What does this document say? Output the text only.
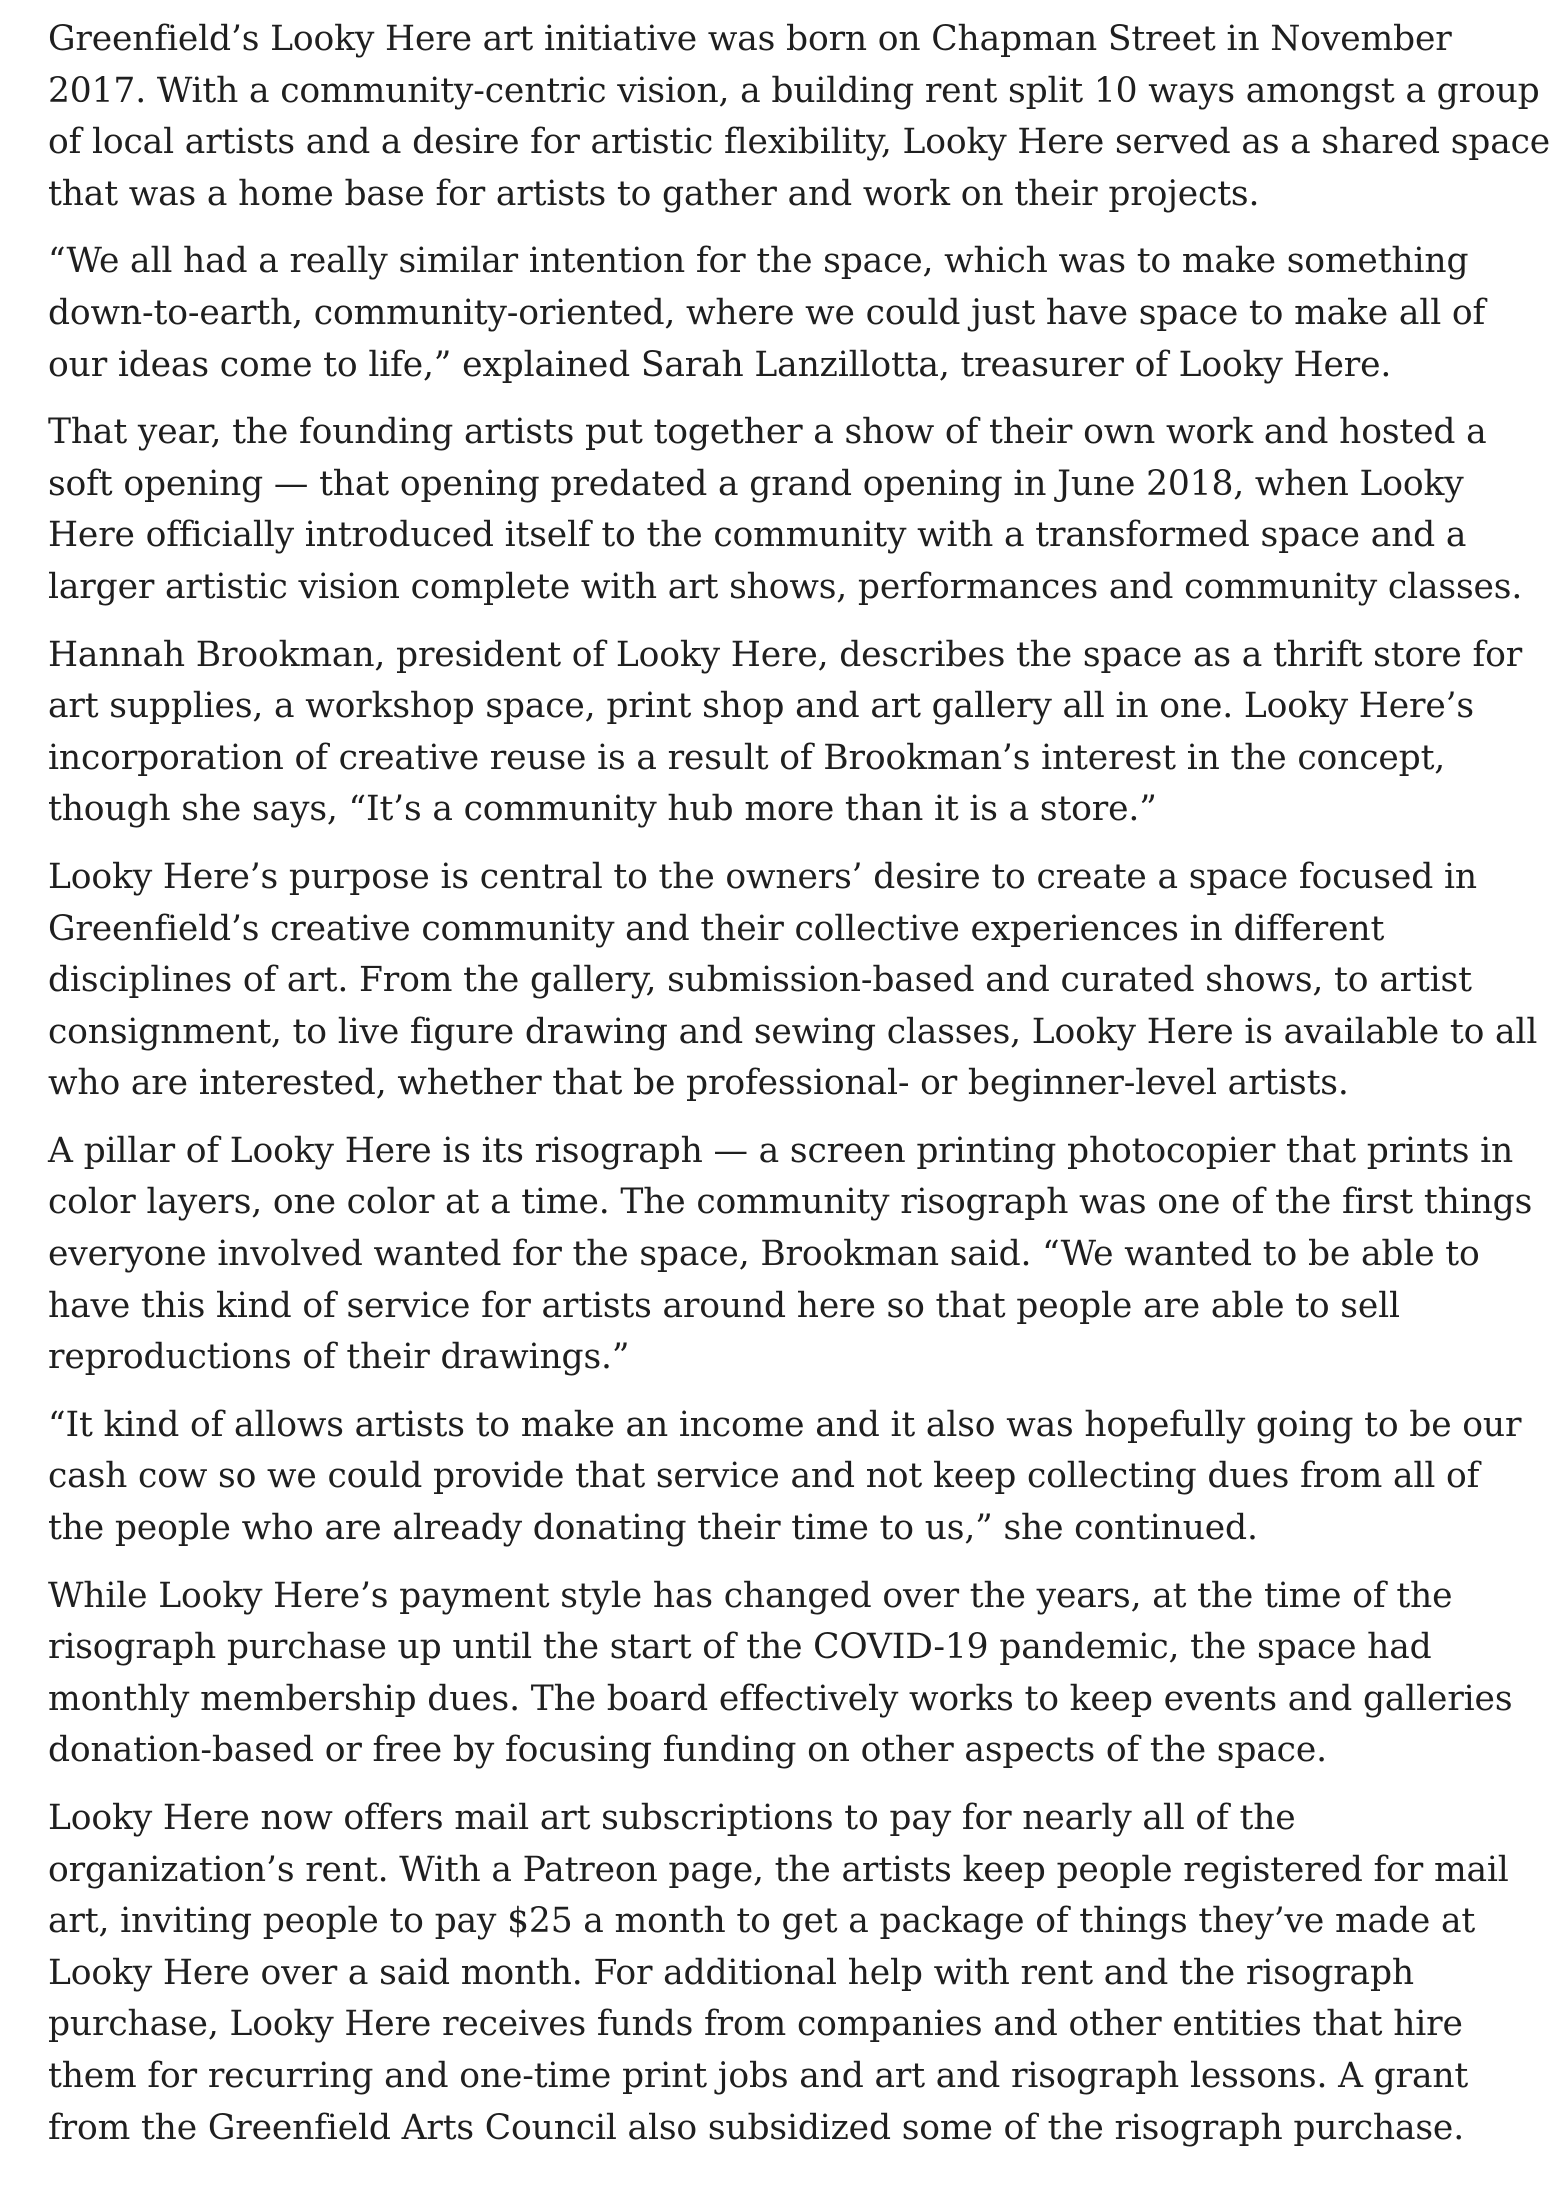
Greenfield’s Looky Here art initiative was born on Chapman Street in November
2017. With a community-centric vision, a building rent split 10 ways amongst a group
of local artists and a desire for artistic flexibility, Looky Here served as a shared space
that was a home base for artists to gather and work on their projects.

“We all had a really similar intention for the space, which was to make something
down-to-earth, community-oriented, where we could just have space to make all of
our ideas come to life,” explained Sarah Lanzillotta, treasurer of Looky Here.

That year, the founding artists put together a show of their own work and hosted a
soft opening — that opening predated a grand opening in June 2018, when Looky
Here officially introduced itself to the community with a transformed space and a
larger artistic vision complete with art shows, performances and community classes.

Hannah Brookman, president of Looky Here, describes the space as a thrift store for
art supplies, a workshop space, print shop and art gallery all in one. Looky Here’s
incorporation of creative reuse is a result of Brookman’s interest in the concept,
though she says, “It’s a community hub more than it is a store.”

Looky Here’s purpose is central to the owners’ desire to create a space focused in
Greenfield’s creative community and their collective experiences in different
disciplines of art. From the gallery, submission-based and curated shows, to artist
consignment, to live figure drawing and sewing classes, Looky Here is available to all
who are interested, whether that be professional- or beginner-level artists.

A pillar of Looky Here is its risograph — a screen printing photocopier that prints in
color layers, one color at a time. The community risograph was one of the first things
everyone involved wanted for the space, Brookman said. “We wanted to be able to
have this kind of service for artists around here so that people are able to sell
reproductions of their drawings.”

“It kind of allows artists to make an income and it also was hopefully going to be our
cash cow so we could provide that service and not keep collecting dues from all of
the people who are already donating their time to us,” she continued.

While Looky Here’s payment style has changed over the years, at the time of the
risograph purchase up until the start of the COVID-19 pandemic, the space had
monthly membership dues. The board effectively works to keep events and galleries
donation-based or free by focusing funding on other aspects of the space.

Looky Here now offers mail art subscriptions to pay for nearly all of the
organization’s rent. With a Patreon page, the artists keep people registered for mail
art, inviting people to pay $25 a month to get a package of things they’ve made at
Looky Here over a said month. For additional help with rent and the risograph
purchase, Looky Here receives funds from companies and other entities that hire
them for recurring and one-time print jobs and art and risograph lessons. A grant
from the Greenfield Arts Council also subsidized some of the risograph purchase.
